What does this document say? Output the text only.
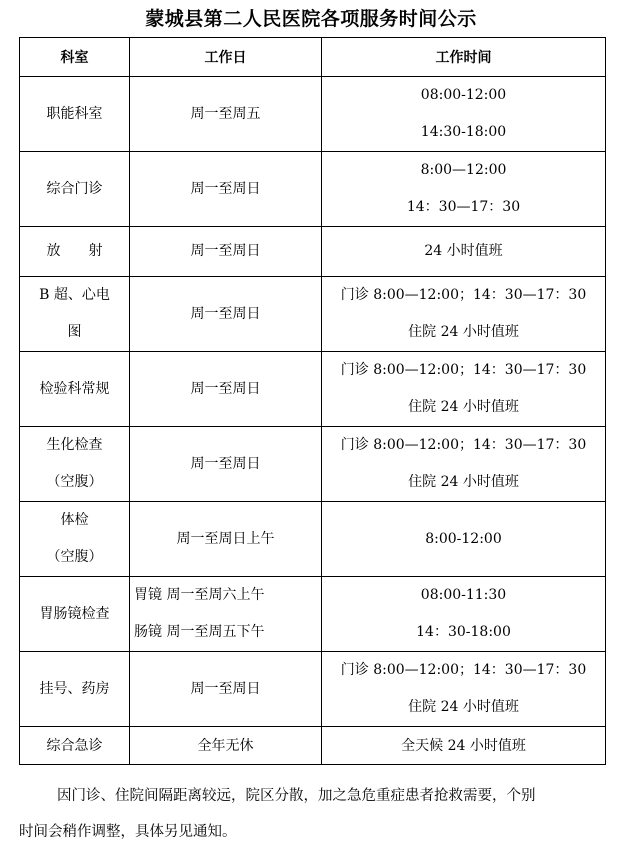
蒙城县第二人民医院各项服务时间公示
科室	工作日	工作时间

职能科室	周一至周五	08:00-12:00
14:30-18:00

综合门诊	周一至周日	8:00—12:00
14：30—17：30

放　　射	周一至周日	24 小时值班

B 超、心电
图	周一至周日	门诊 8:00—12:00；14：30—17：30
住院 24 小时值班

检验科常规	周一至周日	门诊 8:00—12:00；14：30—17：30
住院 24 小时值班

生化检查
（空腹）	周一至周日	门诊 8:00—12:00；14：30—17：30
住院 24 小时值班

体检
（空腹）	周一至周日上午	8:00-12:00

胃肠镜检查	胃镜 周一至周六上午
肠镜 周一至周五下午	08:00-11:30
14：30-18:00

挂号、药房	周一至周日	门诊 8:00—12:00；14：30—17：30
住院 24 小时值班

综合急诊	全年无休	全天候 24 小时值班
因门诊、住院间隔距离较远，院区分散，加之急危重症患者抢救需要，个别
时间会稍作调整，具体另见通知。
